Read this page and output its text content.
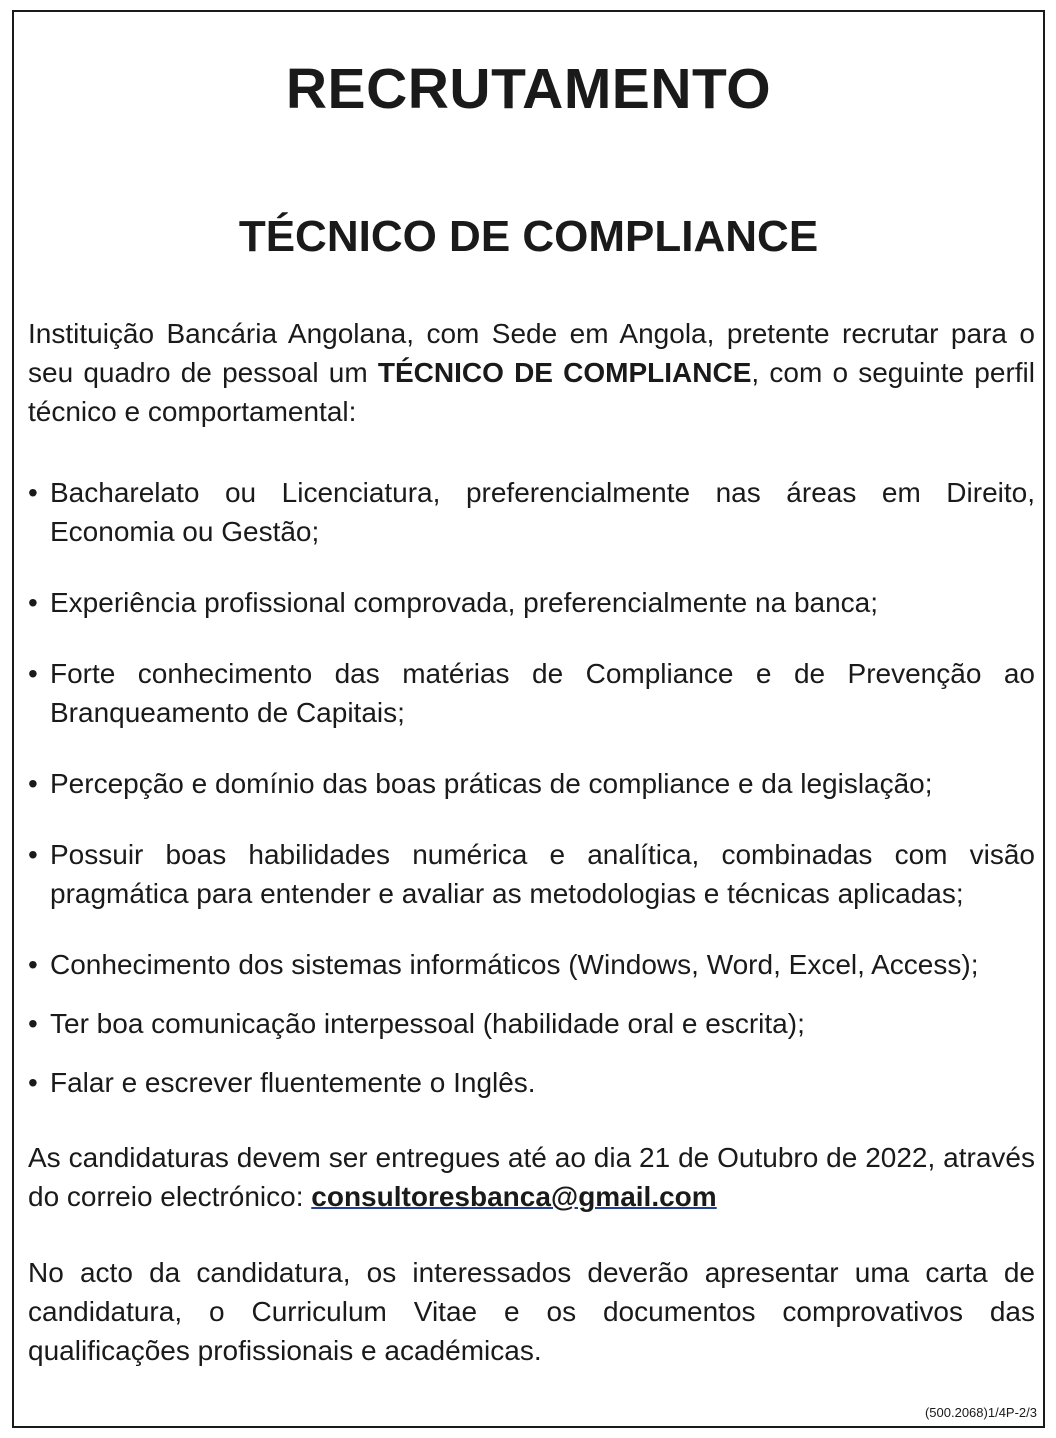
RECRUTAMENTO
TÉCNICO DE COMPLIANCE

Instituição Bancária Angolana, com Sede em Angola, pretente recrutar para o seu quadro de pessoal um TÉCNICO DE COMPLIANCE, com o seguinte perfil técnico e comportamental:

• Bacharelato ou Licenciatura, preferencialmente nas áreas em Direito, Economia ou Gestão;
• Experiência profissional comprovada, preferencialmente na banca;
• Forte conhecimento das matérias de Compliance e de Prevenção ao Branqueamento de Capitais;
• Percepção e domínio das boas práticas de compliance e da legislação;
• Possuir boas habilidades numérica e analítica, combinadas com visão pragmática para entender e avaliar as metodologias e técnicas aplicadas;
• Conhecimento dos sistemas informáticos (Windows, Word, Excel, Access);
• Ter boa comunicação interpessoal (habilidade oral e escrita);
• Falar e escrever fluentemente o Inglês.

As candidaturas devem ser entregues até ao dia 21 de Outubro de 2022, através do correio electrónico: consultoresbanca@gmail.com

No acto da candidatura, os interessados deverão apresentar uma carta de candidatura, o Curriculum Vitae e os documentos comprovativos das qualificações profissionais e académicas.

(500.2068)1/4P-2/3
